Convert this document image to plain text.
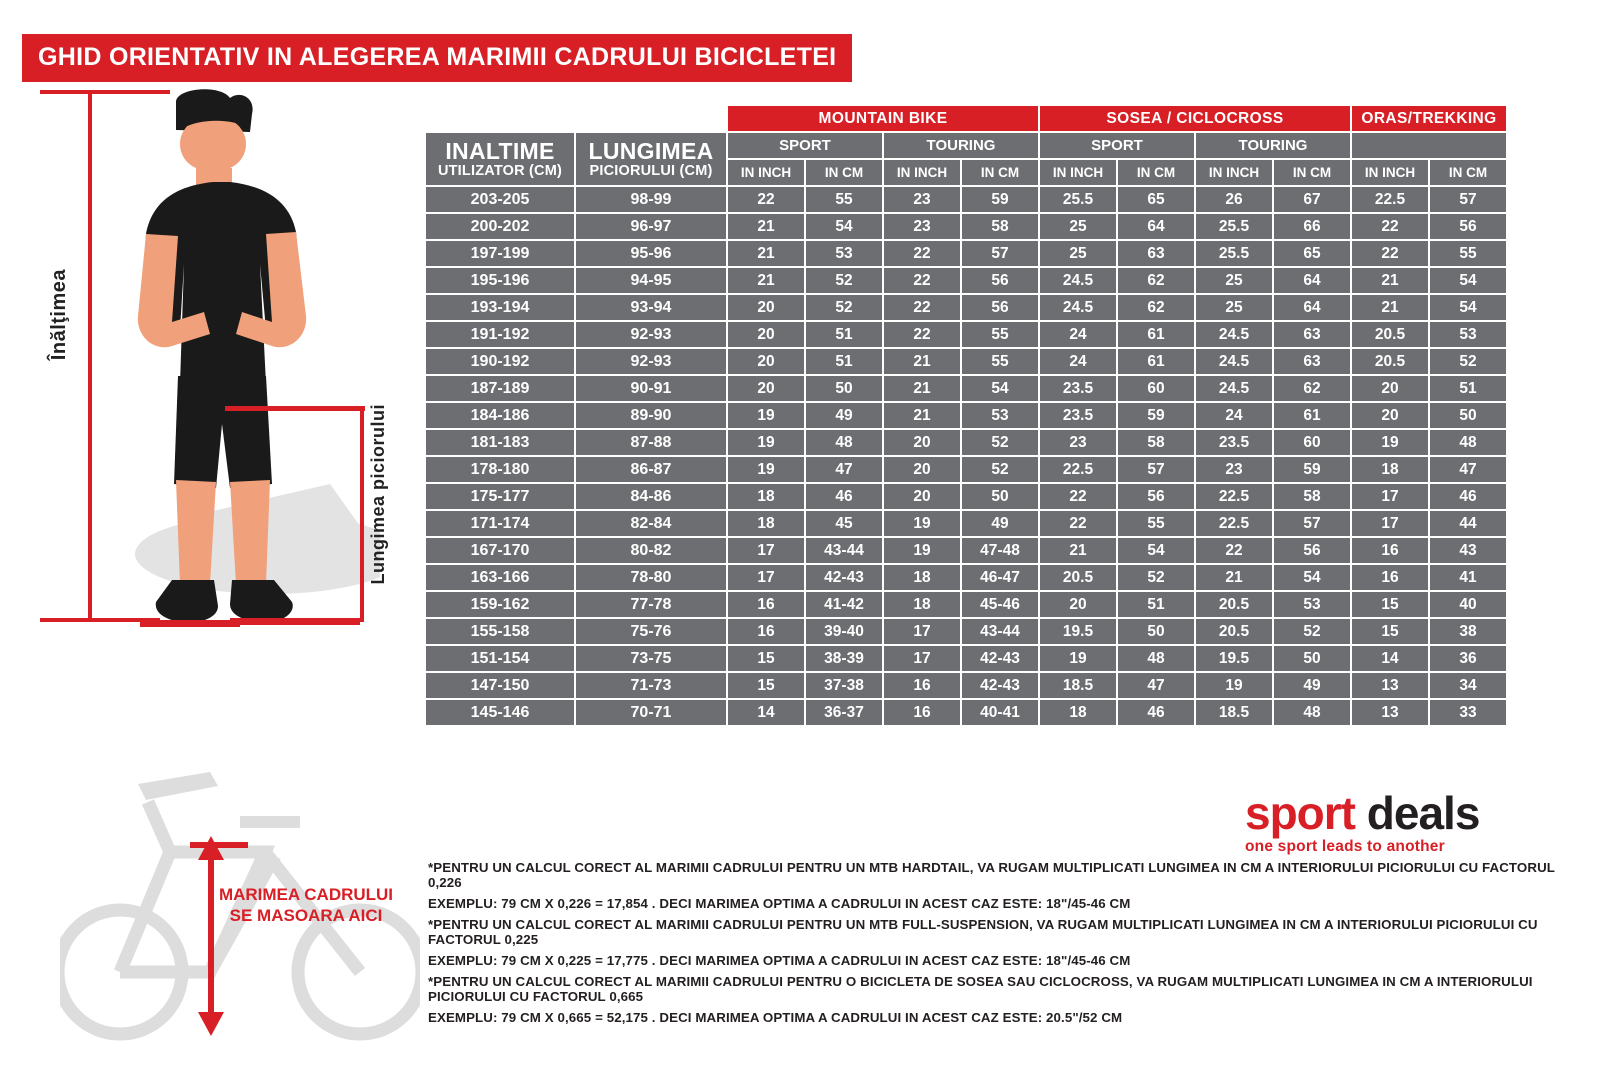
GHID ORIENTATIV IN ALEGEREA MARIMII CADRULUI BICICLETEI
Înălţimea
Lungimea piciorului
MARIMEA CADRULUI
SE MASOARA AICI
		MOUNTAIN BIKE				SOSEA / CICLOCROSS				ORAS/TREKKING	

INALTIME
UTILIZATOR (CM)	LUNGIMEA
PICIORULUI (CM)	SPORT		TOURING		SPORT		TOURING			
		IN INCH	IN CM	IN INCH	IN CM	IN INCH	IN CM	IN INCH	IN CM	IN INCH	IN CM
203-205	98-99	22	55	23	59	25.5	65	26	67	22.5	57
200-202	96-97	21	54	23	58	25	64	25.5	66	22	56
197-199	95-96	21	53	22	57	25	63	25.5	65	22	55
195-196	94-95	21	52	22	56	24.5	62	25	64	21	54
193-194	93-94	20	52	22	56	24.5	62	25	64	21	54
191-192	92-93	20	51	22	55	24	61	24.5	63	20.5	53
190-192	92-93	20	51	21	55	24	61	24.5	63	20.5	52
187-189	90-91	20	50	21	54	23.5	60	24.5	62	20	51
184-186	89-90	19	49	21	53	23.5	59	24	61	20	50
181-183	87-88	19	48	20	52	23	58	23.5	60	19	48
178-180	86-87	19	47	20	52	22.5	57	23	59	18	47
175-177	84-86	18	46	20	50	22	56	22.5	58	17	46
171-174	82-84	18	45	19	49	22	55	22.5	57	17	44
167-170	80-82	17	43-44	19	47-48	21	54	22	56	16	43
163-166	78-80	17	42-43	18	46-47	20.5	52	21	54	16	41
159-162	77-78	16	41-42	18	45-46	20	51	20.5	53	15	40
155-158	75-76	16	39-40	17	43-44	19.5	50	20.5	52	15	38
151-154	73-75	15	38-39	17	42-43	19	48	19.5	50	14	36
147-150	71-73	15	37-38	16	42-43	18.5	47	19	49	13	34
145-146	70-71	14	36-37	16	40-41	18	46	18.5	48	13	33
sport deals
one sport leads to another

*PENTRU UN CALCUL CORECT AL MARIMII CADRULUI PENTRU UN MTB HARDTAIL, VA RUGAM MULTIPLICATI LUNGIMEA IN CM A INTERIORULUI PICIORULUI CU FACTORUL 0,226

EXEMPLU: 79 CM X 0,226 = 17,854 . DECI MARIMEA OPTIMA A CADRULUI IN ACEST CAZ ESTE: 18"/45-46 CM

*PENTRU UN CALCUL CORECT AL MARIMII CADRULUI PENTRU UN MTB FULL-SUSPENSION, VA RUGAM MULTIPLICATI LUNGIMEA IN CM A INTERIORULUI PICIORULUI CU FACTORUL 0,225

EXEMPLU: 79 CM X 0,225 = 17,775 . DECI MARIMEA OPTIMA A CADRULUI IN ACEST CAZ ESTE: 18"/45-46 CM

*PENTRU UN CALCUL CORECT AL MARIMII CADRULUI PENTRU O BICICLETA DE SOSEA SAU CICLOCROSS, VA RUGAM MULTIPLICATI LUNGIMEA IN CM A INTERIORULUI PICIORULUI CU FACTORUL 0,665

EXEMPLU: 79 CM X 0,665 = 52,175 . DECI MARIMEA OPTIMA A CADRULUI IN ACEST CAZ ESTE: 20.5"/52 CM
